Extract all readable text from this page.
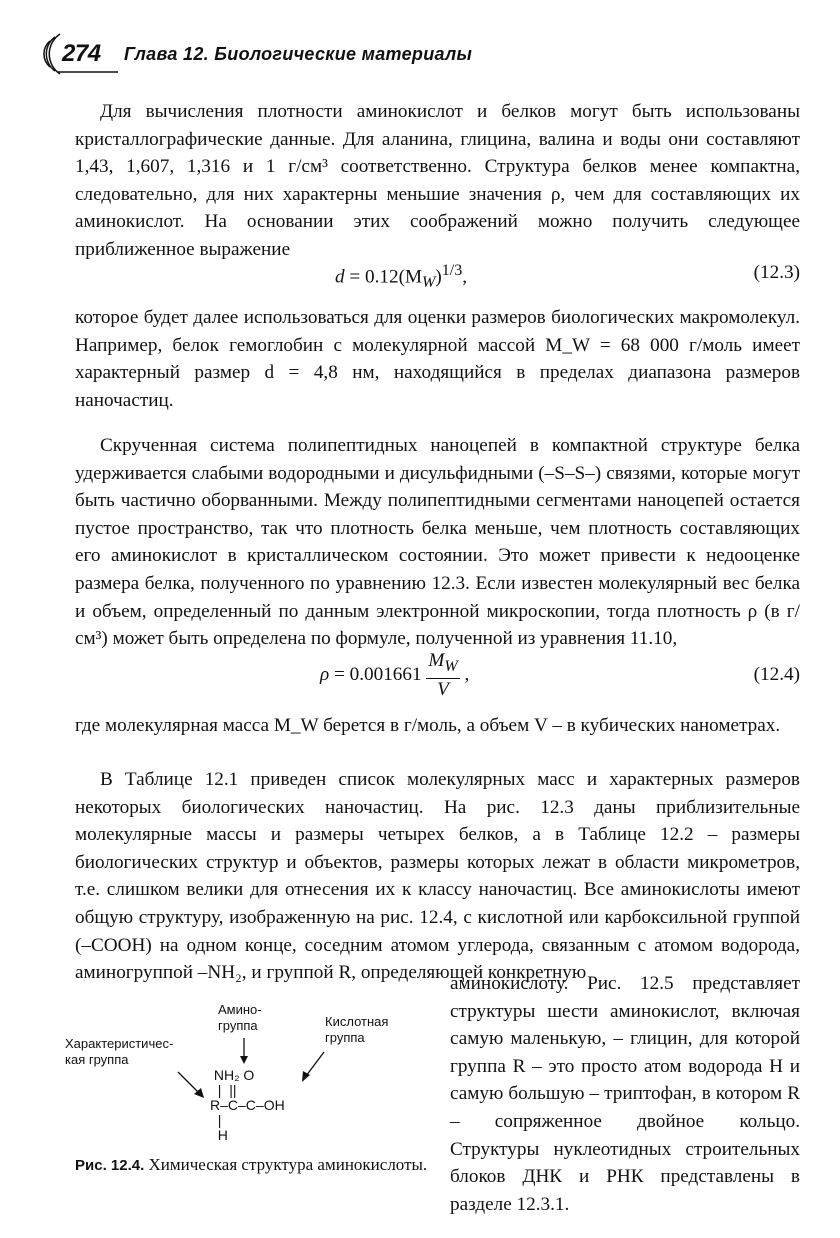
274 Глава 12. Биологические материалы
Для вычисления плотности аминокислот и белков могут быть использованы кристаллографические данные. Для аланина, глицина, валина и воды они составляют 1,43, 1,607, 1,316 и 1 г/см³ соответственно. Структура белков менее компактна, следовательно, для них характерны меньшие значения ρ, чем для составляющих их аминокислот. На основании этих соображений можно получить следующее приближенное выражение
$d = 0.12(M_W)^{1/3}$,	(12.3)
которое будет далее использоваться для оценки размеров биологических макромолекул. Например, белок гемоглобин с молекулярной массой M_W = 68 000 г/моль имеет характерный размер d = 4,8 нм, находящийся в пределах диапазона размеров наночастиц.
Скрученная система полипептидных наноцепей в компактной структуре белка удерживается слабыми водородными и дисульфидными (–S–S–) связями, которые могут быть частично оборванными. Между полипептидными сегментами наноцепей остается пустое пространство, так что плотность белка меньше, чем плотность составляющих его аминокислот в кристаллическом состоянии. Это может привести к недооценке размера белка, полученного по уравнению 12.3. Если известен молекулярный вес белка и объем, определенный по данным электронной микроскопии, тогда плотность ρ (в г/см³) может быть определена по формуле, полученной из уравнения 11.10,
$\rho = 0.001661 \frac{M_W}{V}$ ,	(12.4)
где молекулярная масса M_W берется в г/моль, а объем V – в кубических нанометрах.
В Таблице 12.1 приведен список молекулярных масс и характерных размеров некоторых биологических наночастиц. На рис. 12.3 даны приблизительные молекулярные массы и размеры четырех белков, а в Таблице 12.2 – размеры биологических структур и объектов, размеры которых лежат в области микрометров, т.е. слишком велики для отнесения их к классу наночастиц. Все аминокислоты имеют общую структуру, изображенную на рис. 12.4, с кислотной или карбоксильной группой (–COOH) на одном конце, соседним атомом углерода, связанным с атомом водорода, аминогруппой –NH₂, и группой R, определяющей конкретную
Амино-
группа	Кислотная
группа
Характеристичес-
кая группа
NH₂ O
|  ||
R–C–C–OH
|
H
Рис. 12.4. Химическая структура аминокислоты.
аминокислоту. Рис. 12.5 представляет структуры шести аминокислот, включая самую маленькую, – глицин, для которой группа R – это просто атом водорода H и самую большую – триптофан, в котором R – сопряженное двойное кольцо. Структуры нуклеотидных строительных блоков ДНК и РНК представлены в разделе 12.3.1.
